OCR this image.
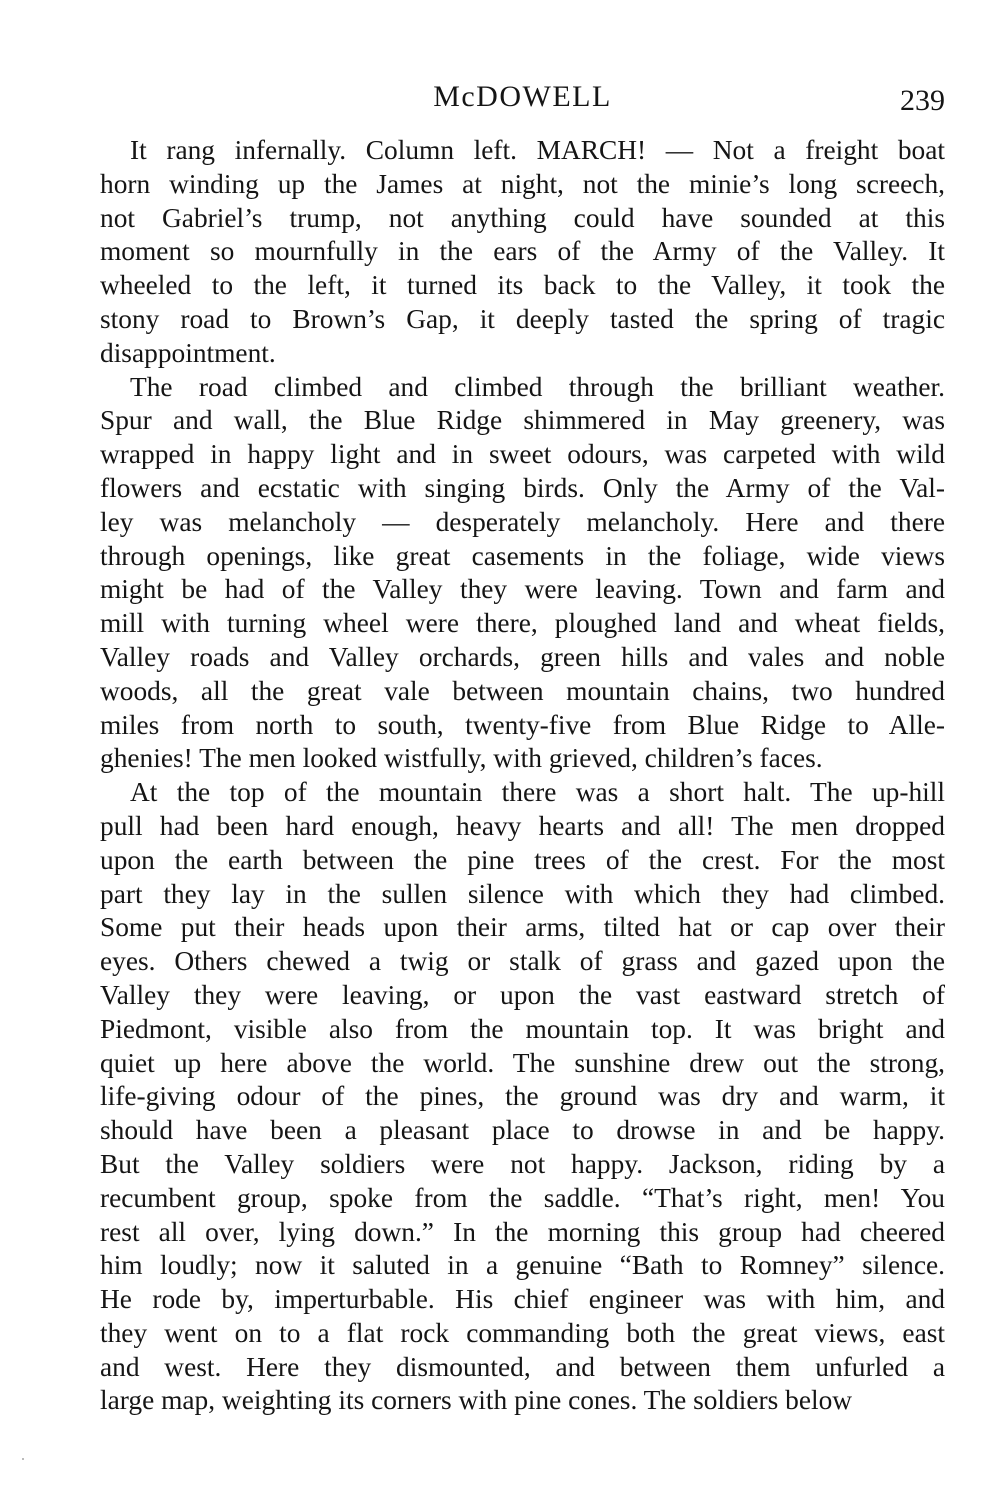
McDOWELL	239

It rang infernally. Column left. MARCH! — Not a freight boat
horn winding up the James at night, not the minie’s long screech,
not Gabriel’s trump, not anything could have sounded at this
moment so mournfully in the ears of the Army of the Valley. It
wheeled to the left, it turned its back to the Valley, it took the
stony road to Brown’s Gap, it deeply tasted the spring of tragic
disappointment.

The road climbed and climbed through the brilliant weather.
Spur and wall, the Blue Ridge shimmered in May greenery, was
wrapped in happy light and in sweet odours, was carpeted with wild
flowers and ecstatic with singing birds. Only the Army of the Val-
ley was melancholy — desperately melancholy. Here and there
through openings, like great casements in the foliage, wide views
might be had of the Valley they were leaving. Town and farm and
mill with turning wheel were there, ploughed land and wheat fields,
Valley roads and Valley orchards, green hills and vales and noble
woods, all the great vale between mountain chains, two hundred
miles from north to south, twenty-five from Blue Ridge to Alle-
ghenies! The men looked wistfully, with grieved, children’s faces.

At the top of the mountain there was a short halt. The up-hill
pull had been hard enough, heavy hearts and all! The men dropped
upon the earth between the pine trees of the crest. For the most
part they lay in the sullen silence with which they had climbed.
Some put their heads upon their arms, tilted hat or cap over their
eyes. Others chewed a twig or stalk of grass and gazed upon the
Valley they were leaving, or upon the vast eastward stretch of
Piedmont, visible also from the mountain top. It was bright and
quiet up here above the world. The sunshine drew out the strong,
life-giving odour of the pines, the ground was dry and warm, it
should have been a pleasant place to drowse in and be happy.
But the Valley soldiers were not happy. Jackson, riding by a
recumbent group, spoke from the saddle. “That’s right, men! You
rest all over, lying down.” In the morning this group had cheered
him loudly; now it saluted in a genuine “Bath to Romney” silence.
He rode by, imperturbable. His chief engineer was with him, and
they went on to a flat rock commanding both the great views, east
and west. Here they dismounted, and between them unfurled a
large map, weighting its corners with pine cones. The soldiers below
